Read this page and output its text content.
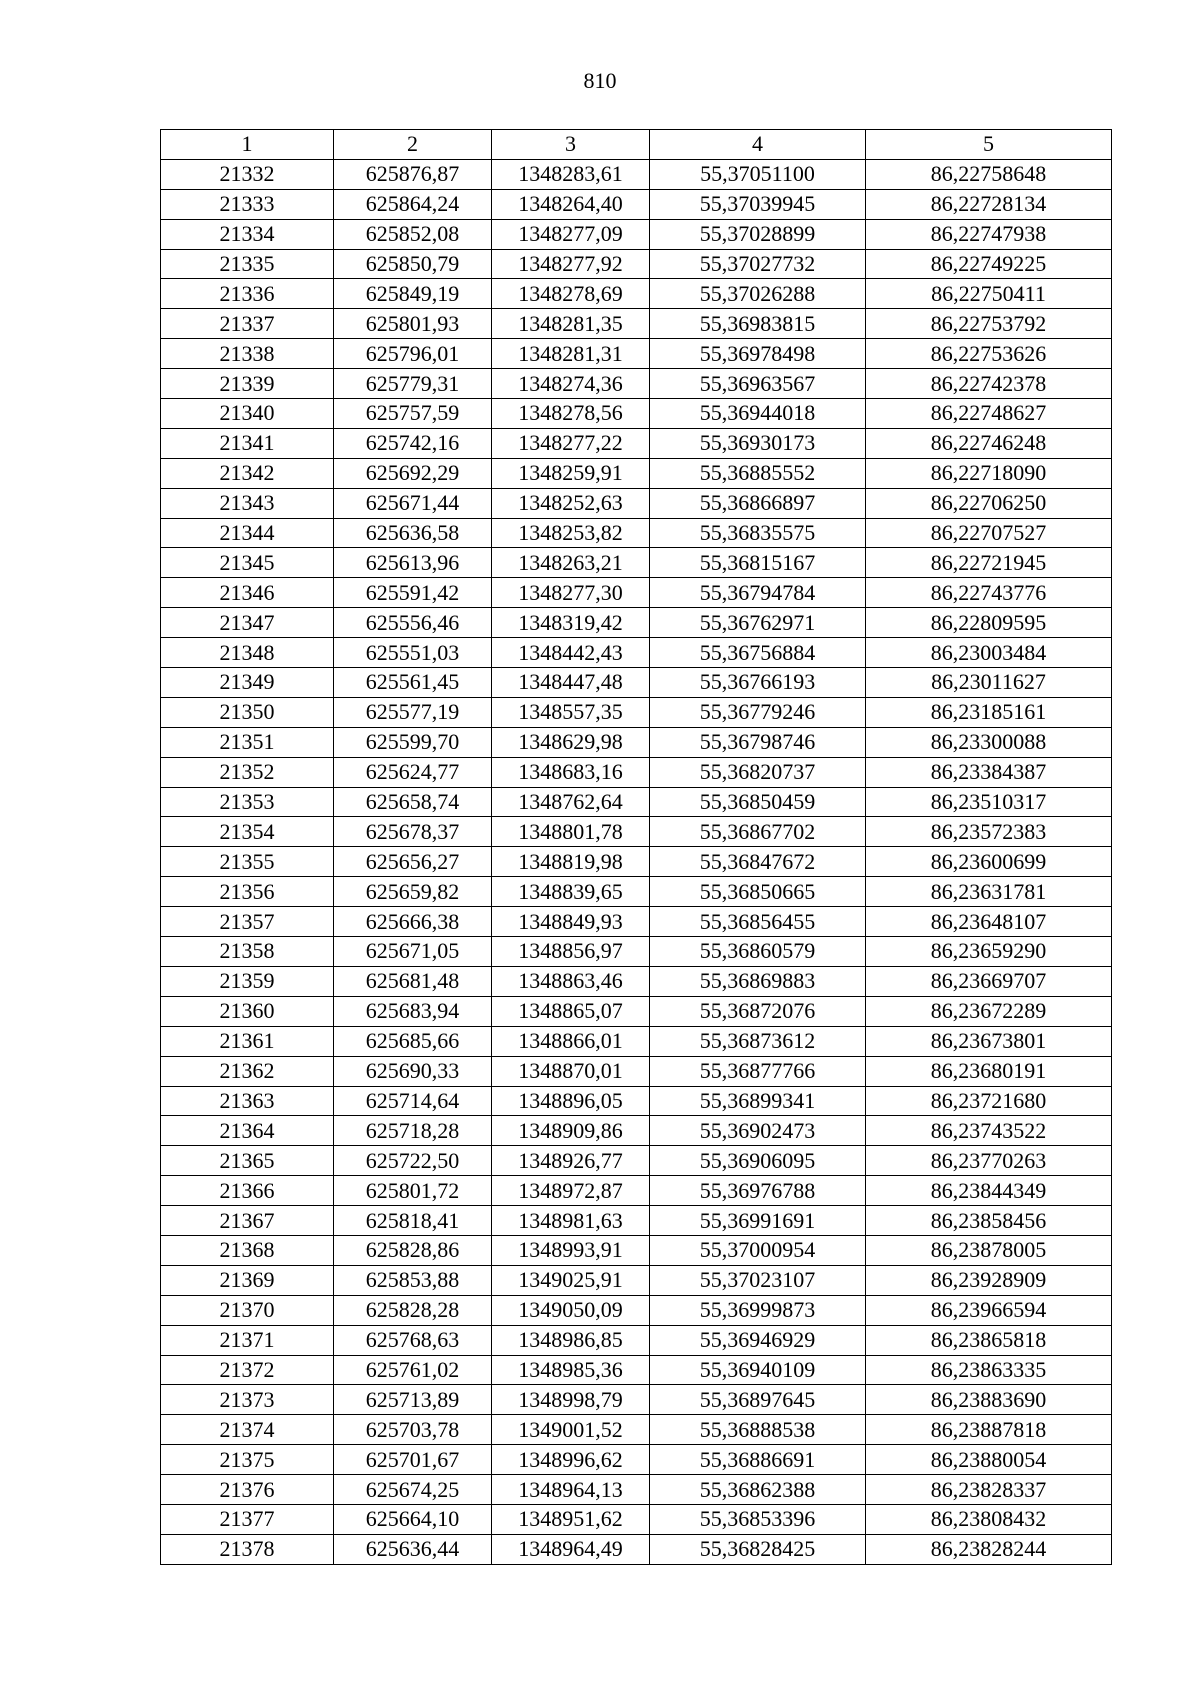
810
1	2	3	4	5
21332	625876,87	1348283,61	55,37051100	86,22758648
21333	625864,24	1348264,40	55,37039945	86,22728134
21334	625852,08	1348277,09	55,37028899	86,22747938
21335	625850,79	1348277,92	55,37027732	86,22749225
21336	625849,19	1348278,69	55,37026288	86,22750411
21337	625801,93	1348281,35	55,36983815	86,22753792
21338	625796,01	1348281,31	55,36978498	86,22753626
21339	625779,31	1348274,36	55,36963567	86,22742378
21340	625757,59	1348278,56	55,36944018	86,22748627
21341	625742,16	1348277,22	55,36930173	86,22746248
21342	625692,29	1348259,91	55,36885552	86,22718090
21343	625671,44	1348252,63	55,36866897	86,22706250
21344	625636,58	1348253,82	55,36835575	86,22707527
21345	625613,96	1348263,21	55,36815167	86,22721945
21346	625591,42	1348277,30	55,36794784	86,22743776
21347	625556,46	1348319,42	55,36762971	86,22809595
21348	625551,03	1348442,43	55,36756884	86,23003484
21349	625561,45	1348447,48	55,36766193	86,23011627
21350	625577,19	1348557,35	55,36779246	86,23185161
21351	625599,70	1348629,98	55,36798746	86,23300088
21352	625624,77	1348683,16	55,36820737	86,23384387
21353	625658,74	1348762,64	55,36850459	86,23510317
21354	625678,37	1348801,78	55,36867702	86,23572383
21355	625656,27	1348819,98	55,36847672	86,23600699
21356	625659,82	1348839,65	55,36850665	86,23631781
21357	625666,38	1348849,93	55,36856455	86,23648107
21358	625671,05	1348856,97	55,36860579	86,23659290
21359	625681,48	1348863,46	55,36869883	86,23669707
21360	625683,94	1348865,07	55,36872076	86,23672289
21361	625685,66	1348866,01	55,36873612	86,23673801
21362	625690,33	1348870,01	55,36877766	86,23680191
21363	625714,64	1348896,05	55,36899341	86,23721680
21364	625718,28	1348909,86	55,36902473	86,23743522
21365	625722,50	1348926,77	55,36906095	86,23770263
21366	625801,72	1348972,87	55,36976788	86,23844349
21367	625818,41	1348981,63	55,36991691	86,23858456
21368	625828,86	1348993,91	55,37000954	86,23878005
21369	625853,88	1349025,91	55,37023107	86,23928909
21370	625828,28	1349050,09	55,36999873	86,23966594
21371	625768,63	1348986,85	55,36946929	86,23865818
21372	625761,02	1348985,36	55,36940109	86,23863335
21373	625713,89	1348998,79	55,36897645	86,23883690
21374	625703,78	1349001,52	55,36888538	86,23887818
21375	625701,67	1348996,62	55,36886691	86,23880054
21376	625674,25	1348964,13	55,36862388	86,23828337
21377	625664,10	1348951,62	55,36853396	86,23808432
21378	625636,44	1348964,49	55,36828425	86,23828244
